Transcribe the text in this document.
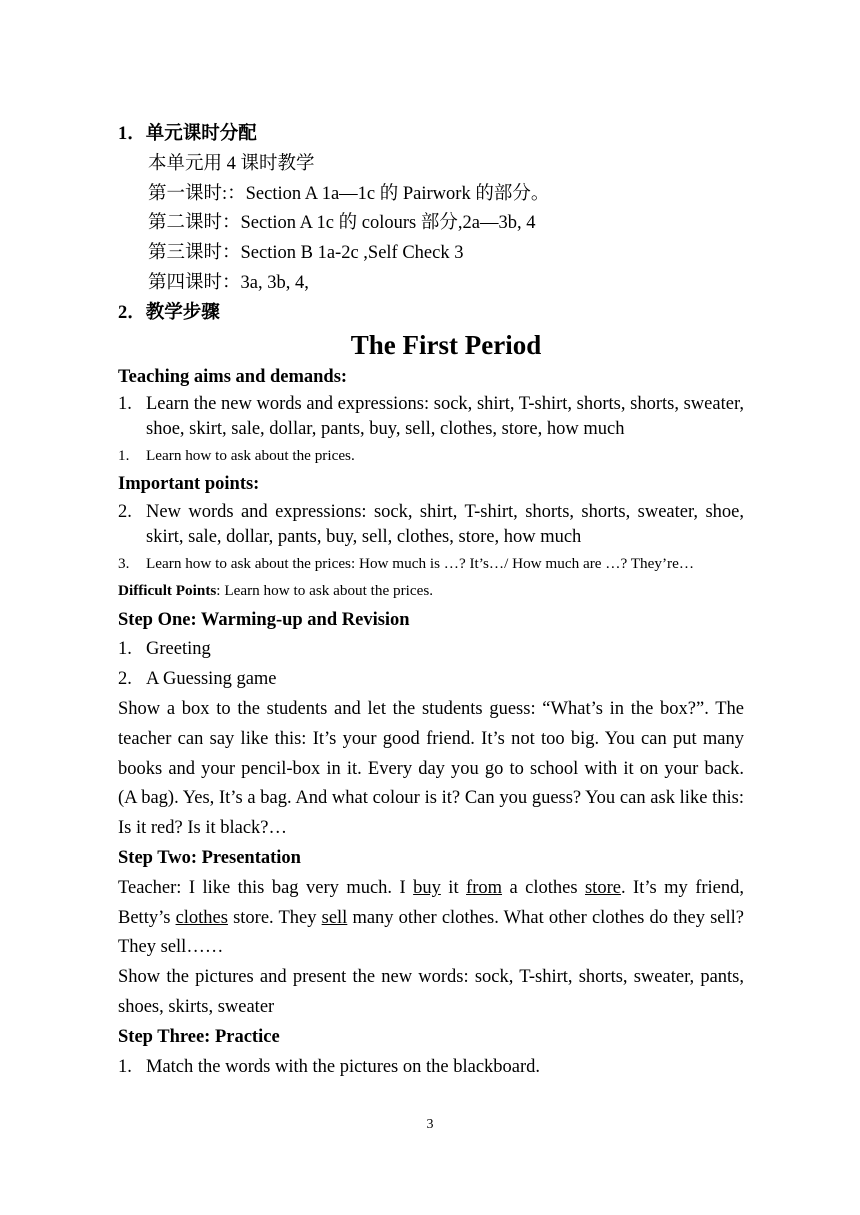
1．单元课时分配
本单元用 4 课时教学
第一课时:：Section A 1a—1c 的 Pairwork 的部分。
第二课时：Section A 1c 的 colours 部分,2a—3b, 4
第三课时：Section B 1a-2c ,Self Check 3
第四课时：3a, 3b, 4,
2．教学步骤
The First Period
Teaching aims and demands:
1. Learn the new words and expressions: sock, shirt, T-shirt, shorts, shorts, sweater, shoe, skirt, sale, dollar, pants, buy, sell, clothes, store, how much
1.	Learn how to ask about the prices.
Important points:
2. New words and expressions: sock, shirt, T-shirt, shorts, shorts, sweater, shoe, skirt, sale, dollar, pants, buy, sell, clothes, store, how much
3.	Learn how to ask about the prices: How much is …? It’s…/ How much are …? They’re…
Difficult Points: Learn how to ask about the prices.
Step One: Warming-up and Revision
1. Greeting
2. A Guessing game
Show a box to the students and let the students guess: “What’s in the box?”. The teacher can say like this: It’s your good friend. It’s not too big. You can put many books and your pencil-box in it. Every day you go to school with it on your back. (A bag). Yes, It’s a bag. And what colour is it? Can you guess? You can ask like this: Is it red? Is it black?…
Step Two: Presentation
Teacher: I like this bag very much. I buy it from a clothes store. It’s my friend, Betty’s clothes store. They sell many other clothes. What other clothes do they sell? They sell……
Show the pictures and present the new words: sock, T-shirt, shorts, sweater, pants, shoes, skirts, sweater
Step Three: Practice
1. Match the words with the pictures on the blackboard.
3
